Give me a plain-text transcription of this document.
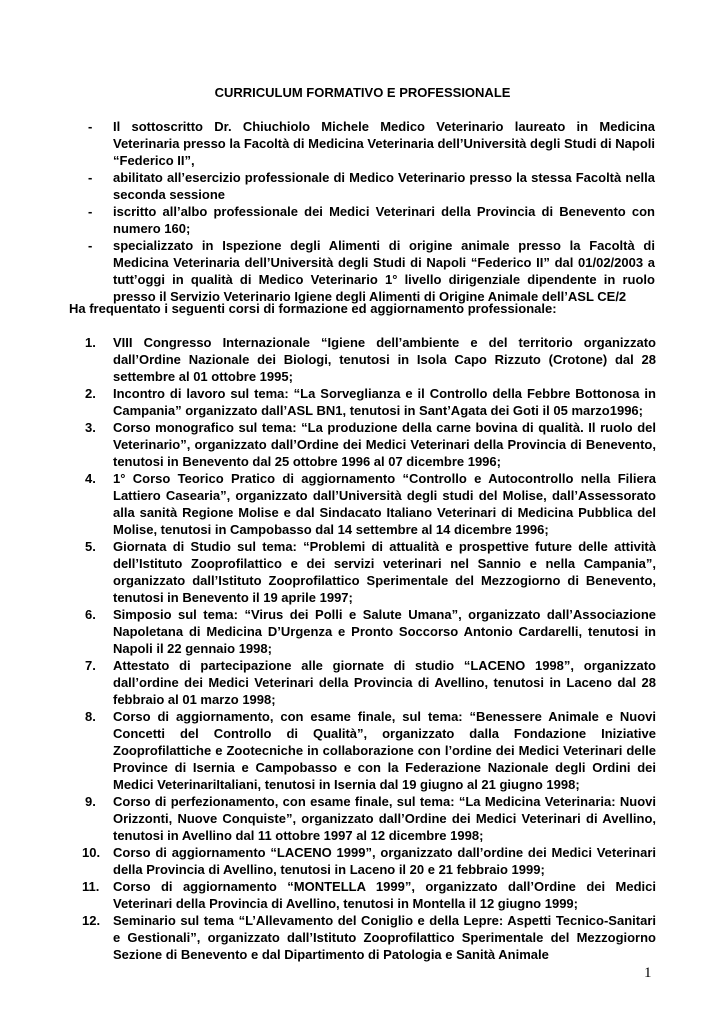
CURRICULUM FORMATIVO E PROFESSIONALE
- Il sottoscritto Dr. Chiuchiolo Michele Medico Veterinario laureato in Medicina Veterinaria presso la Facoltà di Medicina Veterinaria dell’Università degli Studi di Napoli “Federico II”,
- abilitato all’esercizio professionale di Medico Veterinario presso la stessa Facoltà nella seconda sessione
- iscritto all’albo professionale dei Medici Veterinari della Provincia di Benevento con numero 160;
- specializzato in Ispezione degli Alimenti di origine animale presso la Facoltà di Medicina Veterinaria dell’Università degli Studi di Napoli “Federico II” dal 01/02/2003 a tutt’oggi in qualità di Medico Veterinario 1° livello dirigenziale dipendente in ruolo presso il Servizio Veterinario Igiene degli Alimenti di Origine Animale dell’ASL CE/2
Ha frequentato i seguenti corsi di formazione ed aggiornamento professionale:
1.	VIII Congresso Internazionale “Igiene dell’ambiente e del territorio organizzato dall’Ordine Nazionale dei Biologi, tenutosi in Isola Capo Rizzuto (Crotone) dal 28 settembre al 01 ottobre 1995;
2.	Incontro di lavoro sul tema: “La Sorveglianza e il Controllo della Febbre Bottonosa in Campania” organizzato dall’ASL BN1, tenutosi in Sant’Agata dei Goti il 05 marzo1996;
3.	Corso monografico sul tema: “La produzione della carne bovina di qualità. Il ruolo del Veterinario”, organizzato dall’Ordine dei Medici Veterinari della Provincia di Benevento, tenutosi in Benevento dal 25 ottobre 1996 al 07 dicembre 1996;
4.	1° Corso Teorico Pratico di aggiornamento “Controllo e Autocontrollo nella Filiera Lattiero Casearia”, organizzato dall’Università degli studi del Molise, dall’Assessorato alla sanità Regione Molise e dal Sindacato Italiano Veterinari di Medicina Pubblica del Molise, tenutosi in Campobasso dal 14 settembre al 14 dicembre 1996;
5.	Giornata di Studio sul tema: “Problemi di attualità e prospettive future delle attività dell’Istituto Zooprofilattico e dei servizi veterinari nel Sannio e nella Campania”, organizzato dall’Istituto Zooprofilattico Sperimentale del Mezzogiorno di Benevento, tenutosi in Benevento il 19 aprile 1997;
6.	Simposio sul tema: “Virus dei Polli e Salute Umana”, organizzato dall’Associazione Napoletana di Medicina D’Urgenza e Pronto Soccorso Antonio Cardarelli, tenutosi in Napoli il 22 gennaio 1998;
7.	Attestato di partecipazione alle giornate di studio “LACENO 1998”, organizzato dall’ordine dei Medici Veterinari della Provincia di Avellino, tenutosi in Laceno dal 28 febbraio al 01 marzo 1998;
8.	Corso di aggiornamento, con esame finale, sul tema: “Benessere Animale e Nuovi Concetti del Controllo di Qualità”, organizzato dalla Fondazione Iniziative Zooprofilattiche e Zootecniche in collaborazione con l’ordine dei Medici Veterinari delle Province di Isernia e Campobasso e con la Federazione Nazionale degli Ordini dei Medici VeterinariItaliani, tenutosi in Isernia dal 19 giugno al 21 giugno 1998;
9.	Corso di perfezionamento, con esame finale, sul tema: “La Medicina Veterinaria: Nuovi Orizzonti, Nuove Conquiste”, organizzato dall’Ordine dei Medici Veterinari di Avellino, tenutosi in Avellino dal 11 ottobre 1997 al 12 dicembre 1998;
10. Corso di aggiornamento “LACENO 1999”, organizzato dall’ordine dei Medici Veterinari della Provincia di Avellino, tenutosi in Laceno il 20 e 21 febbraio 1999;
11.	Corso di aggiornamento “MONTELLA 1999”, organizzato dall’Ordine dei Medici Veterinari della Provincia di Avellino, tenutosi in Montella il 12 giugno 1999;
12. Seminario sul tema “L’Allevamento del Coniglio e della Lepre: Aspetti Tecnico-Sanitari e Gestionali”, organizzato dall’Istituto Zooprofilattico Sperimentale del Mezzogiorno Sezione di Benevento e dal Dipartimento di Patologia e Sanità Animale
1
